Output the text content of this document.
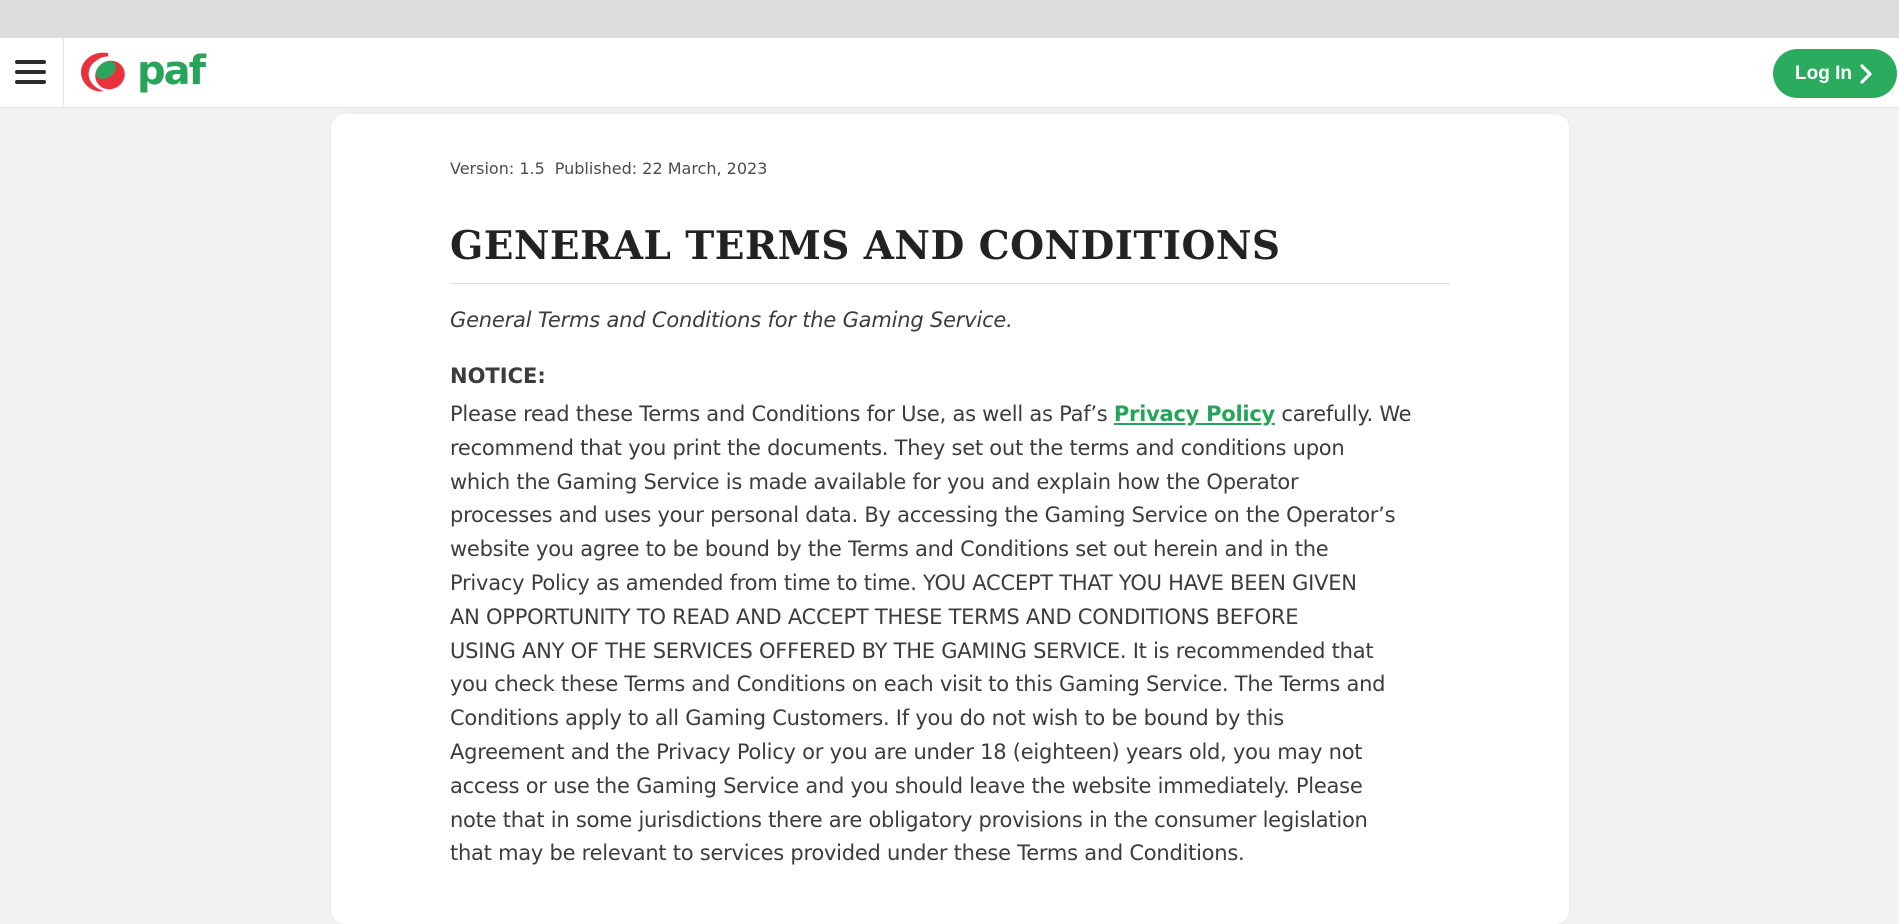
paf	Log In
Version: 1.5 Published: 22 March, 2023
GENERAL TERMS AND CONDITIONS
General Terms and Conditions for the Gaming Service.
NOTICE:
Please read these Terms and Conditions for Use, as well as Paf’s Privacy Policy carefully. We
recommend that you print the documents. They set out the terms and conditions upon
which the Gaming Service is made available for you and explain how the Operator
processes and uses your personal data. By accessing the Gaming Service on the Operator’s
website you agree to be bound by the Terms and Conditions set out herein and in the
Privacy Policy as amended from time to time. YOU ACCEPT THAT YOU HAVE BEEN GIVEN
AN OPPORTUNITY TO READ AND ACCEPT THESE TERMS AND CONDITIONS BEFORE
USING ANY OF THE SERVICES OFFERED BY THE GAMING SERVICE. It is recommended that
you check these Terms and Conditions on each visit to this Gaming Service. The Terms and
Conditions apply to all Gaming Customers. If you do not wish to be bound by this
Agreement and the Privacy Policy or you are under 18 (eighteen) years old, you may not
access or use the Gaming Service and you should leave the website immediately. Please
note that in some jurisdictions there are obligatory provisions in the consumer legislation
that may be relevant to services provided under these Terms and Conditions.
